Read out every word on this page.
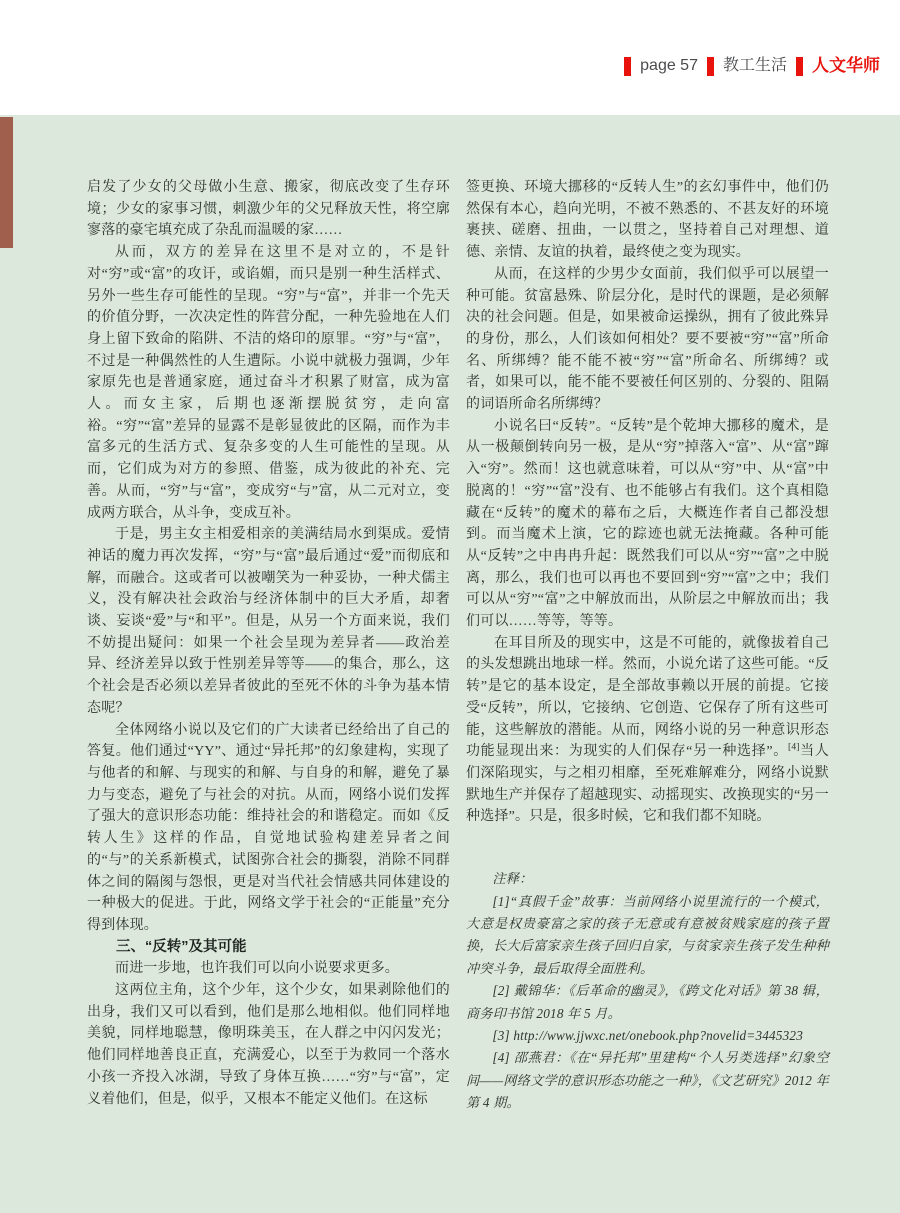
page 57 教工生活 人文华师

启发了少女的父母做小生意、搬家，彻底改变了生存环境；少女的家事习惯，刺激少年的父兄释放天性，将空廓寥落的豪宅填充成了杂乱而温暖的家……

从而，双方的差异在这里不是对立的，不是针对“穷”或“富”的攻讦，或谄媚，而只是别一种生活样式、另外一些生存可能性的呈现。“穷”与“富”，并非一个先天的价值分野，一次决定性的阵营分配，一种先验地在人们身上留下致命的陷阱、不洁的烙印的原罪。“穷”与“富”，不过是一种偶然性的人生遭际。小说中就极力强调，少年家原先也是普通家庭，通过奋斗才积累了财富，成为富人。而女主家，后期也逐渐摆脱贫穷，走向富裕。“穷”“富”差异的显露不是彰显彼此的区隔，而作为丰富多元的生活方式、复杂多变的人生可能性的呈现。从而，它们成为对方的参照、借鉴，成为彼此的补充、完善。从而，“穷”与“富”，变成穷“与”富，从二元对立，变成两方联合，从斗争，变成互补。

于是，男主女主相爱相亲的美满结局水到渠成。爱情神话的魔力再次发挥，“穷”与“富”最后通过“爱”而彻底和解，而融合。这或者可以被嘲笑为一种妥协，一种犬儒主义，没有解决社会政治与经济体制中的巨大矛盾，却奢谈、妄谈“爱”与“和平”。但是，从另一个方面来说，我们不妨提出疑问：如果一个社会呈现为差异者——政治差异、经济差异以致于性别差异等等——的集合，那么，这个社会是否必须以差异者彼此的至死不休的斗争为基本情态呢？

全体网络小说以及它们的广大读者已经给出了自己的答复。他们通过“YY”、通过“异托邦”的幻象建构，实现了与他者的和解、与现实的和解、与自身的和解，避免了暴力与变态，避免了与社会的对抗。从而，网络小说们发挥了强大的意识形态功能：维持社会的和谐稳定。而如《反转人生》这样的作品，自觉地试验构建差异者之间的“与”的关系新模式，试图弥合社会的撕裂，消除不同群体之间的隔阂与怨恨，更是对当代社会情感共同体建设的一种极大的促进。于此，网络文学于社会的“正能量”充分得到体现。

三、“反转”及其可能

而进一步地，也许我们可以向小说要求更多。

这两位主角，这个少年，这个少女，如果剥除他们的出身，我们又可以看到，他们是那么地相似。他们同样地美貌，同样地聪慧，像明珠美玉，在人群之中闪闪发光；他们同样地善良正直，充满爱心，以至于为救同一个落水小孩一齐投入冰湖，导致了身体互换……“穷”与“富”，定义着他们，但是，似乎，又根本不能定义他们。在这标

签更换、环境大挪移的“反转人生”的玄幻事件中，他们仍然保有本心，趋向光明，不被不熟悉的、不甚友好的环境裹挟、磋磨、扭曲，一以贯之，坚持着自己对理想、道德、亲情、友谊的执着，最终使之变为现实。

从而，在这样的少男少女面前，我们似乎可以展望一种可能。贫富悬殊、阶层分化，是时代的课题，是必须解决的社会问题。但是，如果被命运操纵，拥有了彼此殊异的身份，那么，人们该如何相处？要不要被“穷”“富”所命名、所绑缚？能不能不被“穷”“富”所命名、所绑缚？或者，如果可以，能不能不要被任何区别的、分裂的、阻隔的词语所命名所绑缚？

小说名曰“反转”。“反转”是个乾坤大挪移的魔术，是从一极颠倒转向另一极，是从“穷”掉落入“富”、从“富”蹿入“穷”。然而！这也就意味着，可以从“穷”中、从“富”中脱离的！“穷”“富”没有、也不能够占有我们。这个真相隐藏在“反转”的魔术的幕布之后，大概连作者自己都没想到。而当魔术上演，它的踪迹也就无法掩藏。各种可能从“反转”之中冉冉升起：既然我们可以从“穷”“富”之中脱离，那么，我们也可以再也不要回到“穷”“富”之中；我们可以从“穷”“富”之中解放而出，从阶层之中解放而出；我们可以……等等，等等。

在耳目所及的现实中，这是不可能的，就像拔着自己的头发想跳出地球一样。然而，小说允诺了这些可能。“反转”是它的基本设定，是全部故事赖以开展的前提。它接受“反转”，所以，它接纳、它创造、它保存了所有这些可能，这些解放的潜能。从而，网络小说的另一种意识形态功能显现出来：为现实的人们保存“另一种选择”。[4]当人们深陷现实，与之相刃相靡，至死难解难分，网络小说默默地生产并保存了超越现实、动摇现实、改换现实的“另一种选择”。只是，很多时候，它和我们都不知晓。

注释：

[1]“真假千金”故事：当前网络小说里流行的一个模式，大意是权贵豪富之家的孩子无意或有意被贫贱家庭的孩子置换，长大后富家亲生孩子回归自家，与贫家亲生孩子发生种种冲突斗争，最后取得全面胜利。

[2] 戴锦华：《后革命的幽灵》，《跨文化对话》第 38 辑，商务印书馆 2018 年 5 月。

[3] http://www.jjwxc.net/onebook.php?novelid=3445323

[4] 邵燕君：《在“异托邦”里建构“个人另类选择”幻象空间——网络文学的意识形态功能之一种》，《文艺研究》2012 年第 4 期。
